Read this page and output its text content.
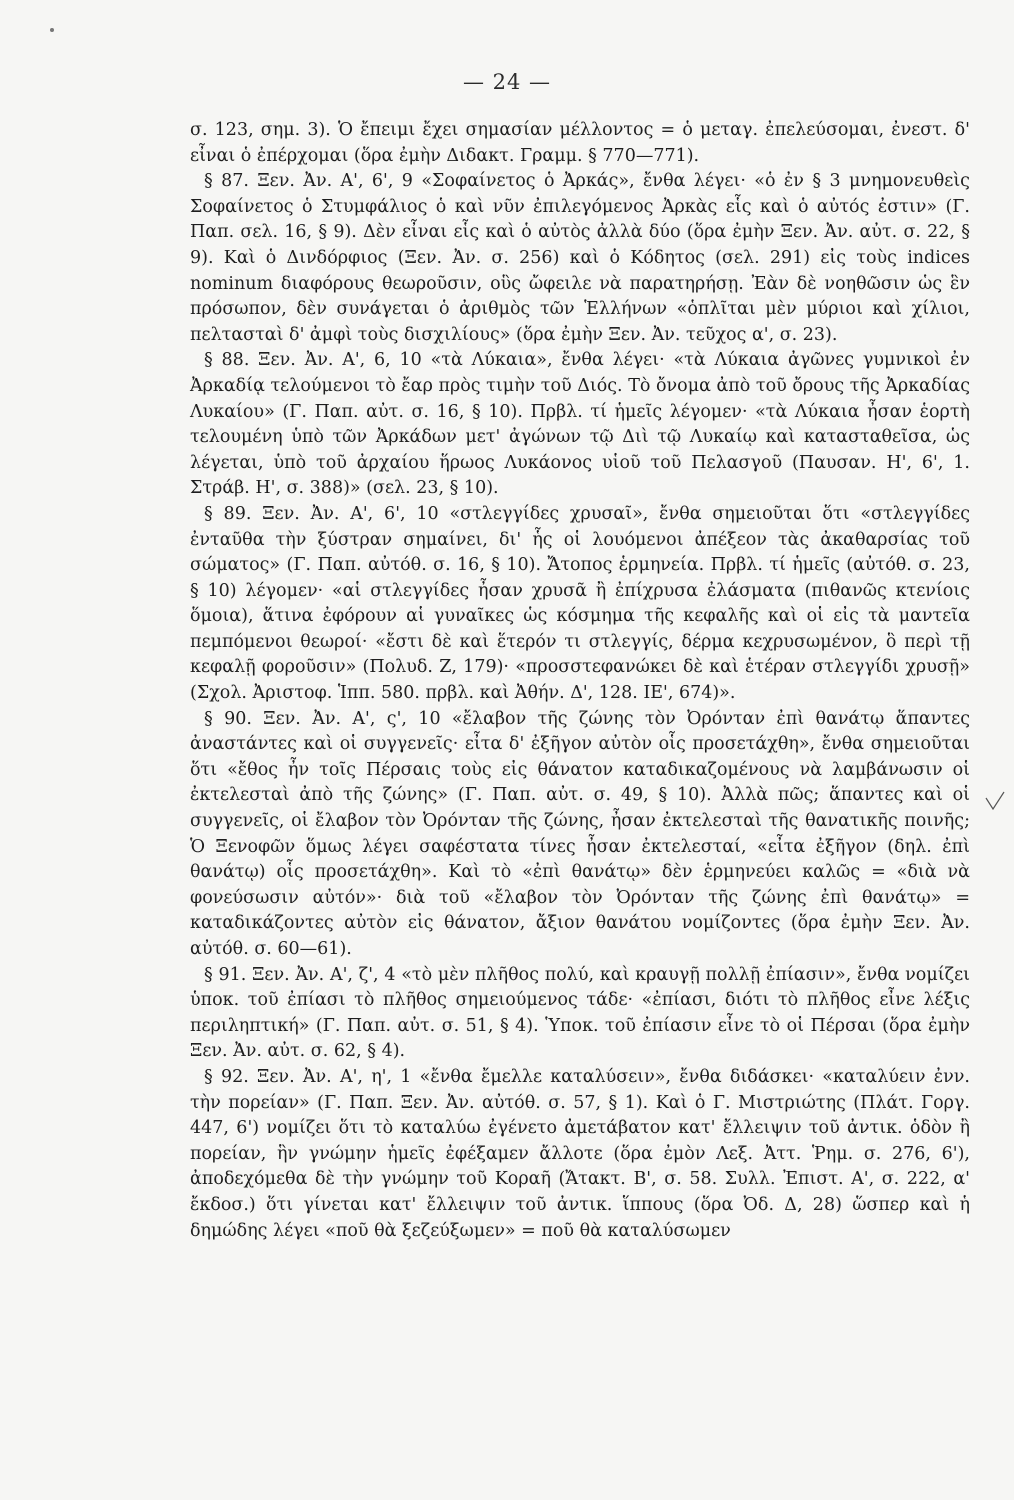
— 24 —

σ. 123, σημ. 3). Ὁ ἔπειμι ἔχει σημασίαν μέλλοντος = ὁ μεταγ. ἐπελεύσομαι, ἐνεστ. δ' εἶναι ὁ ἐπέρχομαι (ὅρα ἐμὴν Διδακτ. Γραμμ. § 770—771).

§ 87. Ξεν. Ἀν. Α', 6', 9 «Σοφαίνετος ὁ Ἀρκάς», ἔνθα λέγει· «ὁ ἐν § 3 μνημονευθεὶς Σοφαίνετος ὁ Στυμφάλιος ὁ καὶ νῦν ἐπιλεγόμενος Ἀρκὰς εἷς καὶ ὁ αὐτός ἐστιν» (Γ. Παπ. σελ. 16, § 9). Δὲν εἶναι εἷς καὶ ὁ αὐτὸς ἀλλὰ δύο (ὅρα ἐμὴν Ξεν. Ἀν. αὐτ. σ. 22, § 9). Καὶ ὁ Δινδόρφιος (Ξεν. Ἀν. σ. 256) καὶ ὁ Κόδητος (σελ. 291) εἰς τοὺς indices nominum διαφόρους θεωροῦσιν, οὓς ὤφειλε νὰ παρατηρήσῃ. Ἐὰν δὲ νοηθῶσιν ὡς ἓν πρόσωπον, δὲν συνάγεται ὁ ἀριθμὸς τῶν Ἑλλήνων «ὁπλῖται μὲν μύριοι καὶ χίλιοι, πελτασταὶ δ' ἀμφὶ τοὺς δισχιλίους» (ὅρα ἐμὴν Ξεν. Ἀν. τεῦχος α', σ. 23).

§ 88. Ξεν. Ἀν. Α', 6, 10 «τὰ Λύκαια», ἔνθα λέγει· «τὰ Λύκαια ἀγῶνες γυμνικοὶ ἐν Ἀρκαδίᾳ τελούμενοι τὸ ἔαρ πρὸς τιμὴν τοῦ Διός. Τὸ ὄνομα ἀπὸ τοῦ ὄρους τῆς Ἀρκαδίας Λυκαίου» (Γ. Παπ. αὐτ. σ. 16, § 10). Πρβλ. τί ἡμεῖς λέγομεν· «τὰ Λύκαια ἦσαν ἑορτὴ τελουμένη ὑπὸ τῶν Ἀρκάδων μετ' ἀγώνων τῷ Διὶ τῷ Λυκαίῳ καὶ κατασταθεῖσα, ὡς λέγεται, ὑπὸ τοῦ ἀρχαίου ἥρωος Λυκάονος υἱοῦ τοῦ Πελασγοῦ (Παυσαν. Η', 6', 1. Στράβ. Η', σ. 388)» (σελ. 23, § 10).

§ 89. Ξεν. Ἀν. Α', 6', 10 «στλεγγίδες χρυσαῖ», ἔνθα σημειοῦται ὅτι «στλεγγίδες ἐνταῦθα τὴν ξύστραν σημαίνει, δι' ἧς οἱ λουόμενοι ἀπέξεον τὰς ἀκαθαρσίας τοῦ σώματος» (Γ. Παπ. αὐτόθ. σ. 16, § 10). Ἄτοπος ἑρμηνεία. Πρβλ. τί ἡμεῖς (αὐτόθ. σ. 23, § 10) λέγομεν· «αἱ στλεγγίδες ἦσαν χρυσᾶ ἢ ἐπίχρυσα ἐλάσματα (πιθανῶς κτενίοις ὅμοια), ἅτινα ἐφόρουν αἱ γυναῖκες ὡς κόσμημα τῆς κεφαλῆς καὶ οἱ εἰς τὰ μαντεῖα πεμπόμενοι θεωροί· «ἔστι δὲ καὶ ἕτερόν τι στλεγγίς, δέρμα κεχρυσωμένον, ὃ περὶ τῇ κεφαλῇ φοροῦσιν» (Πολυδ. Ζ, 179)· «προσστεφανώκει δὲ καὶ ἑτέραν στλεγγίδι χρυσῇ» (Σχολ. Ἀριστοφ. Ἱππ. 580. πρβλ. καὶ Ἀθήν. Δ', 128. ΙΕ', 674)».

§ 90. Ξεν. Ἀν. Α', ς', 10 «ἔλαβον τῆς ζώνης τὸν Ὀρόνταν ἐπὶ θανάτῳ ἅπαντες ἀναστάντες καὶ οἱ συγγενεῖς· εἶτα δ' ἐξῆγον αὐτὸν οἷς προσετάχθη», ἔνθα σημειοῦται ὅτι «ἔθος ἦν τοῖς Πέρσαις τοὺς εἰς θάνατον καταδικαζομένους νὰ λαμβάνωσιν οἱ ἐκτελεσταὶ ἀπὸ τῆς ζώνης» (Γ. Παπ. αὐτ. σ. 49, § 10). Ἀλλὰ πῶς; ἅπαντες καὶ οἱ συγγενεῖς, οἱ ἔλαβον τὸν Ὀρόνταν τῆς ζώνης, ἦσαν ἐκτελεσταὶ τῆς θανατικῆς ποινῆς; Ὁ Ξενοφῶν ὅμως λέγει σαφέστατα τίνες ἦσαν ἐκτελεσταί, «εἶτα ἐξῆγον (δηλ. ἐπὶ θανάτῳ) οἷς προσετάχθη». Καὶ τὸ «ἐπὶ θανάτῳ» δὲν ἑρμηνεύει καλῶς = «διὰ νὰ φονεύσωσιν αὐτόν»· διὰ τοῦ «ἔλαβον τὸν Ὀρόνταν τῆς ζώνης ἐπὶ θανάτῳ» = καταδικάζοντες αὐτὸν εἰς θάνατον, ἄξιον θανάτου νομίζοντες (ὅρα ἐμὴν Ξεν. Ἀν. αὐτόθ. σ. 60—61).

§ 91. Ξεν. Ἀν. Α', ζ', 4 «τὸ μὲν πλῆθος πολύ, καὶ κραυγῇ πολλῇ ἐπίασιν», ἔνθα νομίζει ὑποκ. τοῦ ἐπίασι τὸ πλῆθος σημειούμενος τάδε· «ἐπίασι, διότι τὸ πλῆθος εἶνε λέξις περιληπτική» (Γ. Παπ. αὐτ. σ. 51, § 4). Ὑποκ. τοῦ ἐπίασιν εἶνε τὸ οἱ Πέρσαι (ὅρα ἐμὴν Ξεν. Ἀν. αὐτ. σ. 62, § 4).

§ 92. Ξεν. Ἀν. Α', η', 1 «ἔνθα ἔμελλε καταλύσειν», ἔνθα διδάσκει· «καταλύειν ἐνν. τὴν πορείαν» (Γ. Παπ. Ξεν. Ἀν. αὐτόθ. σ. 57, § 1). Καὶ ὁ Γ. Μιστριώτης (Πλάτ. Γοργ. 447, 6') νομίζει ὅτι τὸ καταλύω ἐγένετο ἀμετάβατον κατ' ἔλλειψιν τοῦ ἀντικ. ὁδὸν ἢ πορείαν, ἣν γνώμην ἡμεῖς ἐφέξαμεν ἄλλοτε (ὅρα ἐμὸν Λεξ. Ἀττ. Ῥημ. σ. 276, 6'), ἀποδεχόμεθα δὲ τὴν γνώμην τοῦ Κοραῆ (Ἄτακτ. Β', σ. 58. Συλλ. Ἐπιστ. Α', σ. 222, α' ἔκδοσ.) ὅτι γίνεται κατ' ἔλλειψιν τοῦ ἀντικ. ἵππους (ὅρα Ὀδ. Δ, 28) ὥσπερ καὶ ἡ δημώδης λέγει «ποῦ θὰ ξεζεύξωμεν» = ποῦ θὰ καταλύσωμεν
